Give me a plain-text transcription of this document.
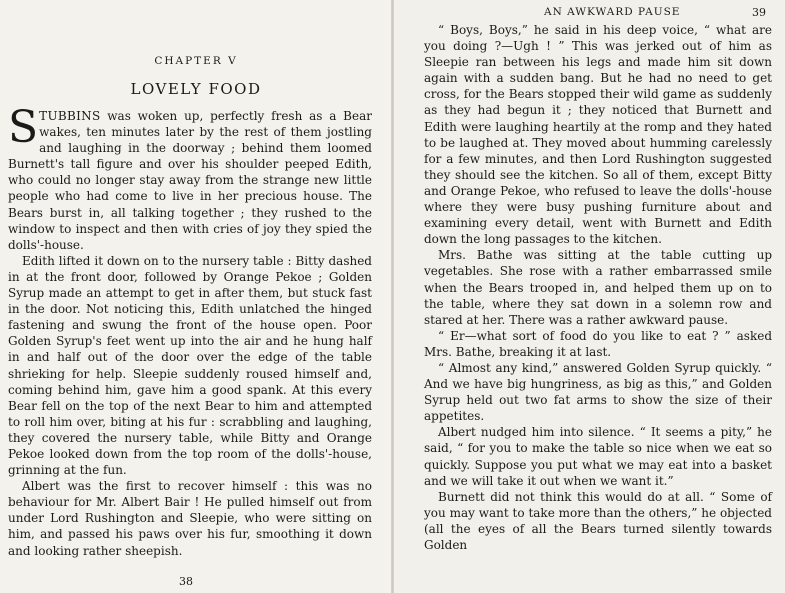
CHAPTER V
LOVELY FOOD

STUBBINS was woken up, perfectly fresh as a Bear wakes, ten minutes later by the rest of them jostling and laughing in the doorway ; behind them loomed Burnett's tall figure and over his shoulder peeped Edith, who could no longer stay away from the strange new little people who had come to live in her precious house. The Bears burst in, all talking together ; they rushed to the window to inspect and then with cries of joy they spied the dolls'-house.

Edith lifted it down on to the nursery table : Bitty dashed in at the front door, followed by Orange Pekoe ; Golden Syrup made an attempt to get in after them, but stuck fast in the door. Not noticing this, Edith unlatched the hinged fastening and swung the front of the house open. Poor Golden Syrup's feet went up into the air and he hung half in and half out of the door over the edge of the table shrieking for help. Sleepie suddenly roused himself and, coming behind him, gave him a good spank. At this every Bear fell on the top of the next Bear to him and attempted to roll him over, biting at his fur : scrabbling and laughing, they covered the nursery table, while Bitty and Orange Pekoe looked down from the top room of the dolls'-house, grinning at the fun.

Albert was the first to recover himself : this was no behaviour for Mr. Albert Bair ! He pulled himself out from under Lord Rushington and Sleepie, who were sitting on him, and passed his paws over his fur, smoothing it down and looking rather sheepish.

38
AN AWKWARD PAUSE	39

“ Boys, Boys,” he said in his deep voice, “ what are you doing ?—Ugh ! ” This was jerked out of him as Sleepie ran between his legs and made him sit down again with a sudden bang. But he had no need to get cross, for the Bears stopped their wild game as suddenly as they had begun it ; they noticed that Burnett and Edith were laughing heartily at the romp and they hated to be laughed at. They moved about humming carelessly for a few minutes, and then Lord Rushington suggested they should see the kitchen. So all of them, except Bitty and Orange Pekoe, who refused to leave the dolls'-house where they were busy pushing furniture about and examining every detail, went with Burnett and Edith down the long passages to the kitchen.

Mrs. Bathe was sitting at the table cutting up vegetables. She rose with a rather embarrassed smile when the Bears trooped in, and helped them up on to the table, where they sat down in a solemn row and stared at her. There was a rather awkward pause.

“ Er—what sort of food do you like to eat ? ” asked Mrs. Bathe, breaking it at last.

“ Almost any kind,” answered Golden Syrup quickly. “ And we have big hungriness, as big as this,” and Golden Syrup held out two fat arms to show the size of their appetites.

Albert nudged him into silence. “ It seems a pity,” he said, “ for you to make the table so nice when we eat so quickly. Suppose you put what we may eat into a basket and we will take it out when we want it.”

Burnett did not think this would do at all. “ Some of you may want to take more than the others,” he objected (all the eyes of all the Bears turned silently towards Golden
